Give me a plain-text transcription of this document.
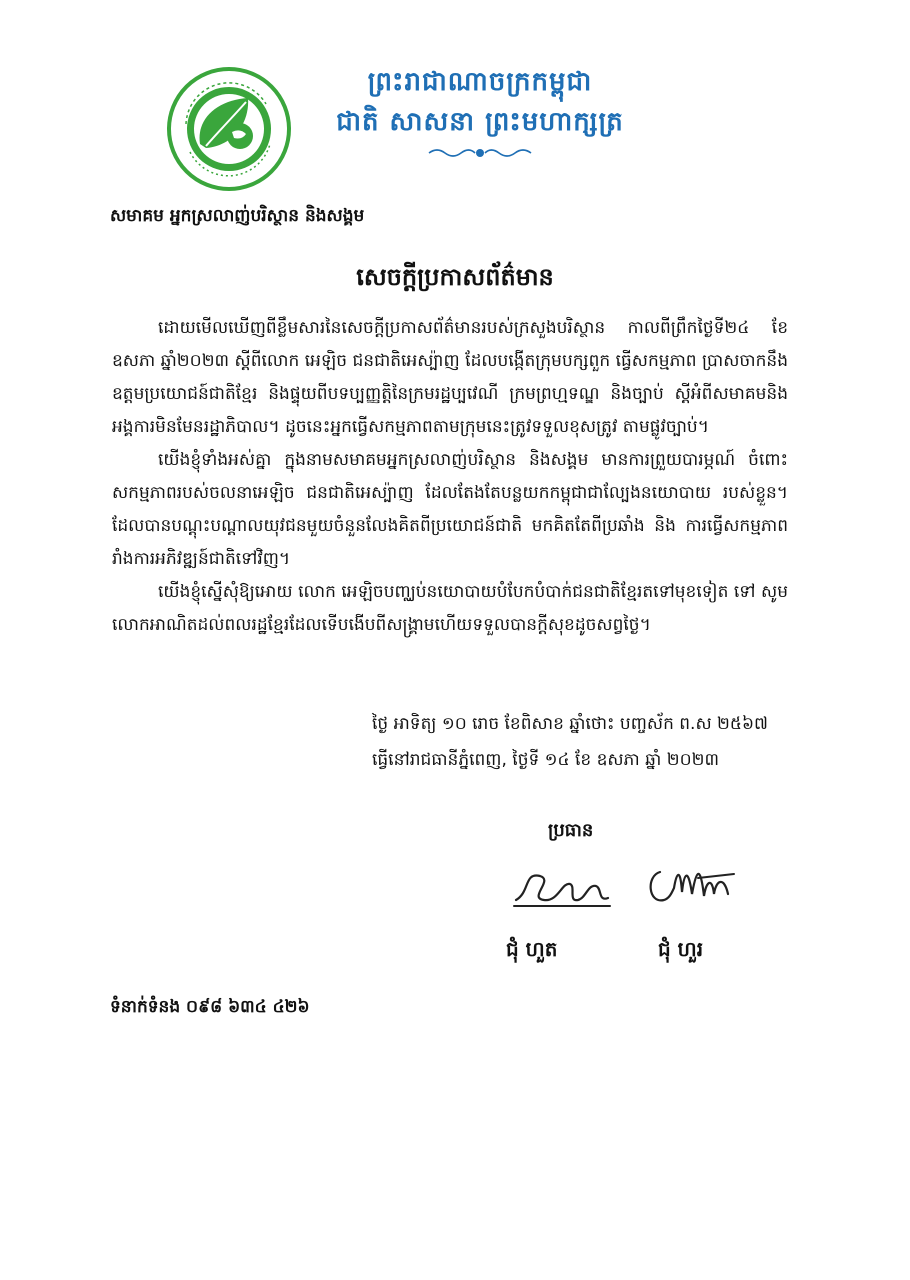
ព្រះរាជាណាចក្រកម្ពុជា
ជាតិ សាសនា ព្រះមហាក្សត្រ
សមាគម អ្នកស្រលាញ់បរិស្ថាន និងសង្គម
សេចក្តីប្រកាសព័ត៌មាន

ដោយមើលឃើញពីខ្លឹមសារនៃសេចក្តីប្រកាសព័ត៌មានរបស់ក្រសួងបរិស្ថាន កាលពីព្រឹកថ្ងៃទី២៤ ខែឧសភា ឆ្នាំ២០២៣ ស្តីពីលោក អេឡិច ជនជាតិអេស្ប៉ាញ ដែលបង្កើតក្រុមបក្សពួក ធ្វើសកម្មភាព ប្រាសចាកនឹងឧត្តមប្រយោជន៍ជាតិខ្មែរ និងផ្ទុយពីបទប្បញ្ញត្តិនៃក្រមរដ្ឋប្បវេណី ក្រមព្រហ្មទណ្ឌ និងច្បាប់ ស្តីអំពីសមាគមនិងអង្គការមិនមែនរដ្ឋាភិបាល។ ដូចនេះអ្នកធ្វើសកម្មភាពតាមក្រុមនេះត្រូវទទួលខុសត្រូវ តាមផ្លូវច្បាប់។

យើងខ្ញុំទាំងអស់គ្នា ក្នុងនាមសមាគមអ្នកស្រលាញ់បរិស្ថាន និងសង្គម មានការព្រួយបារម្ភណ៍ ចំពោះសកម្មភាពរបស់ចលនាអេឡិច ជនជាតិអេស្ប៉ាញ ដែលតែងតែបន្លយកកម្ពុជាជាល្បែងនយោបាយ របស់ខ្លួន។ ដែលបានបណ្តុះបណ្តាលយុវជនមួយចំនួនលែងគិតពីប្រយោជន៍ជាតិ មកគិតតែពីប្រឆាំង និង ការធ្វើសកម្មភាពរាំងការអភិវឌ្ឍន៍ជាតិទៅវិញ។

យើងខ្ញុំស្នើសុំឱ្យអោយ លោក អេឡិចបញ្ឈប់នយោបាយបំបែកបំបាក់ជនជាតិខ្មែរតទៅមុខទៀត ទៅ សូមលោកអាណិតដល់ពលរដ្ឋខ្មែរដែលទើបងើបពីសង្គ្រាមហើយទទួលបានក្តីសុខដូចសព្វថ្ងៃ។

ថ្ងៃ អាទិត្យ ១០ រោច ខែពិសាខ ឆ្នាំថោះ បញ្ចស័ក ព.ស ២៥៦៧
ធ្វើនៅរាជធានីភ្នំពេញ, ថ្ងៃទី ១៤ ខែ ឧសភា ឆ្នាំ ២០២៣
ប្រធាន
ជុំ ហួត	ជុំ ហួរ
ទំនាក់ទំនង ០៩៨ ៦៣៤ ៤២៦
